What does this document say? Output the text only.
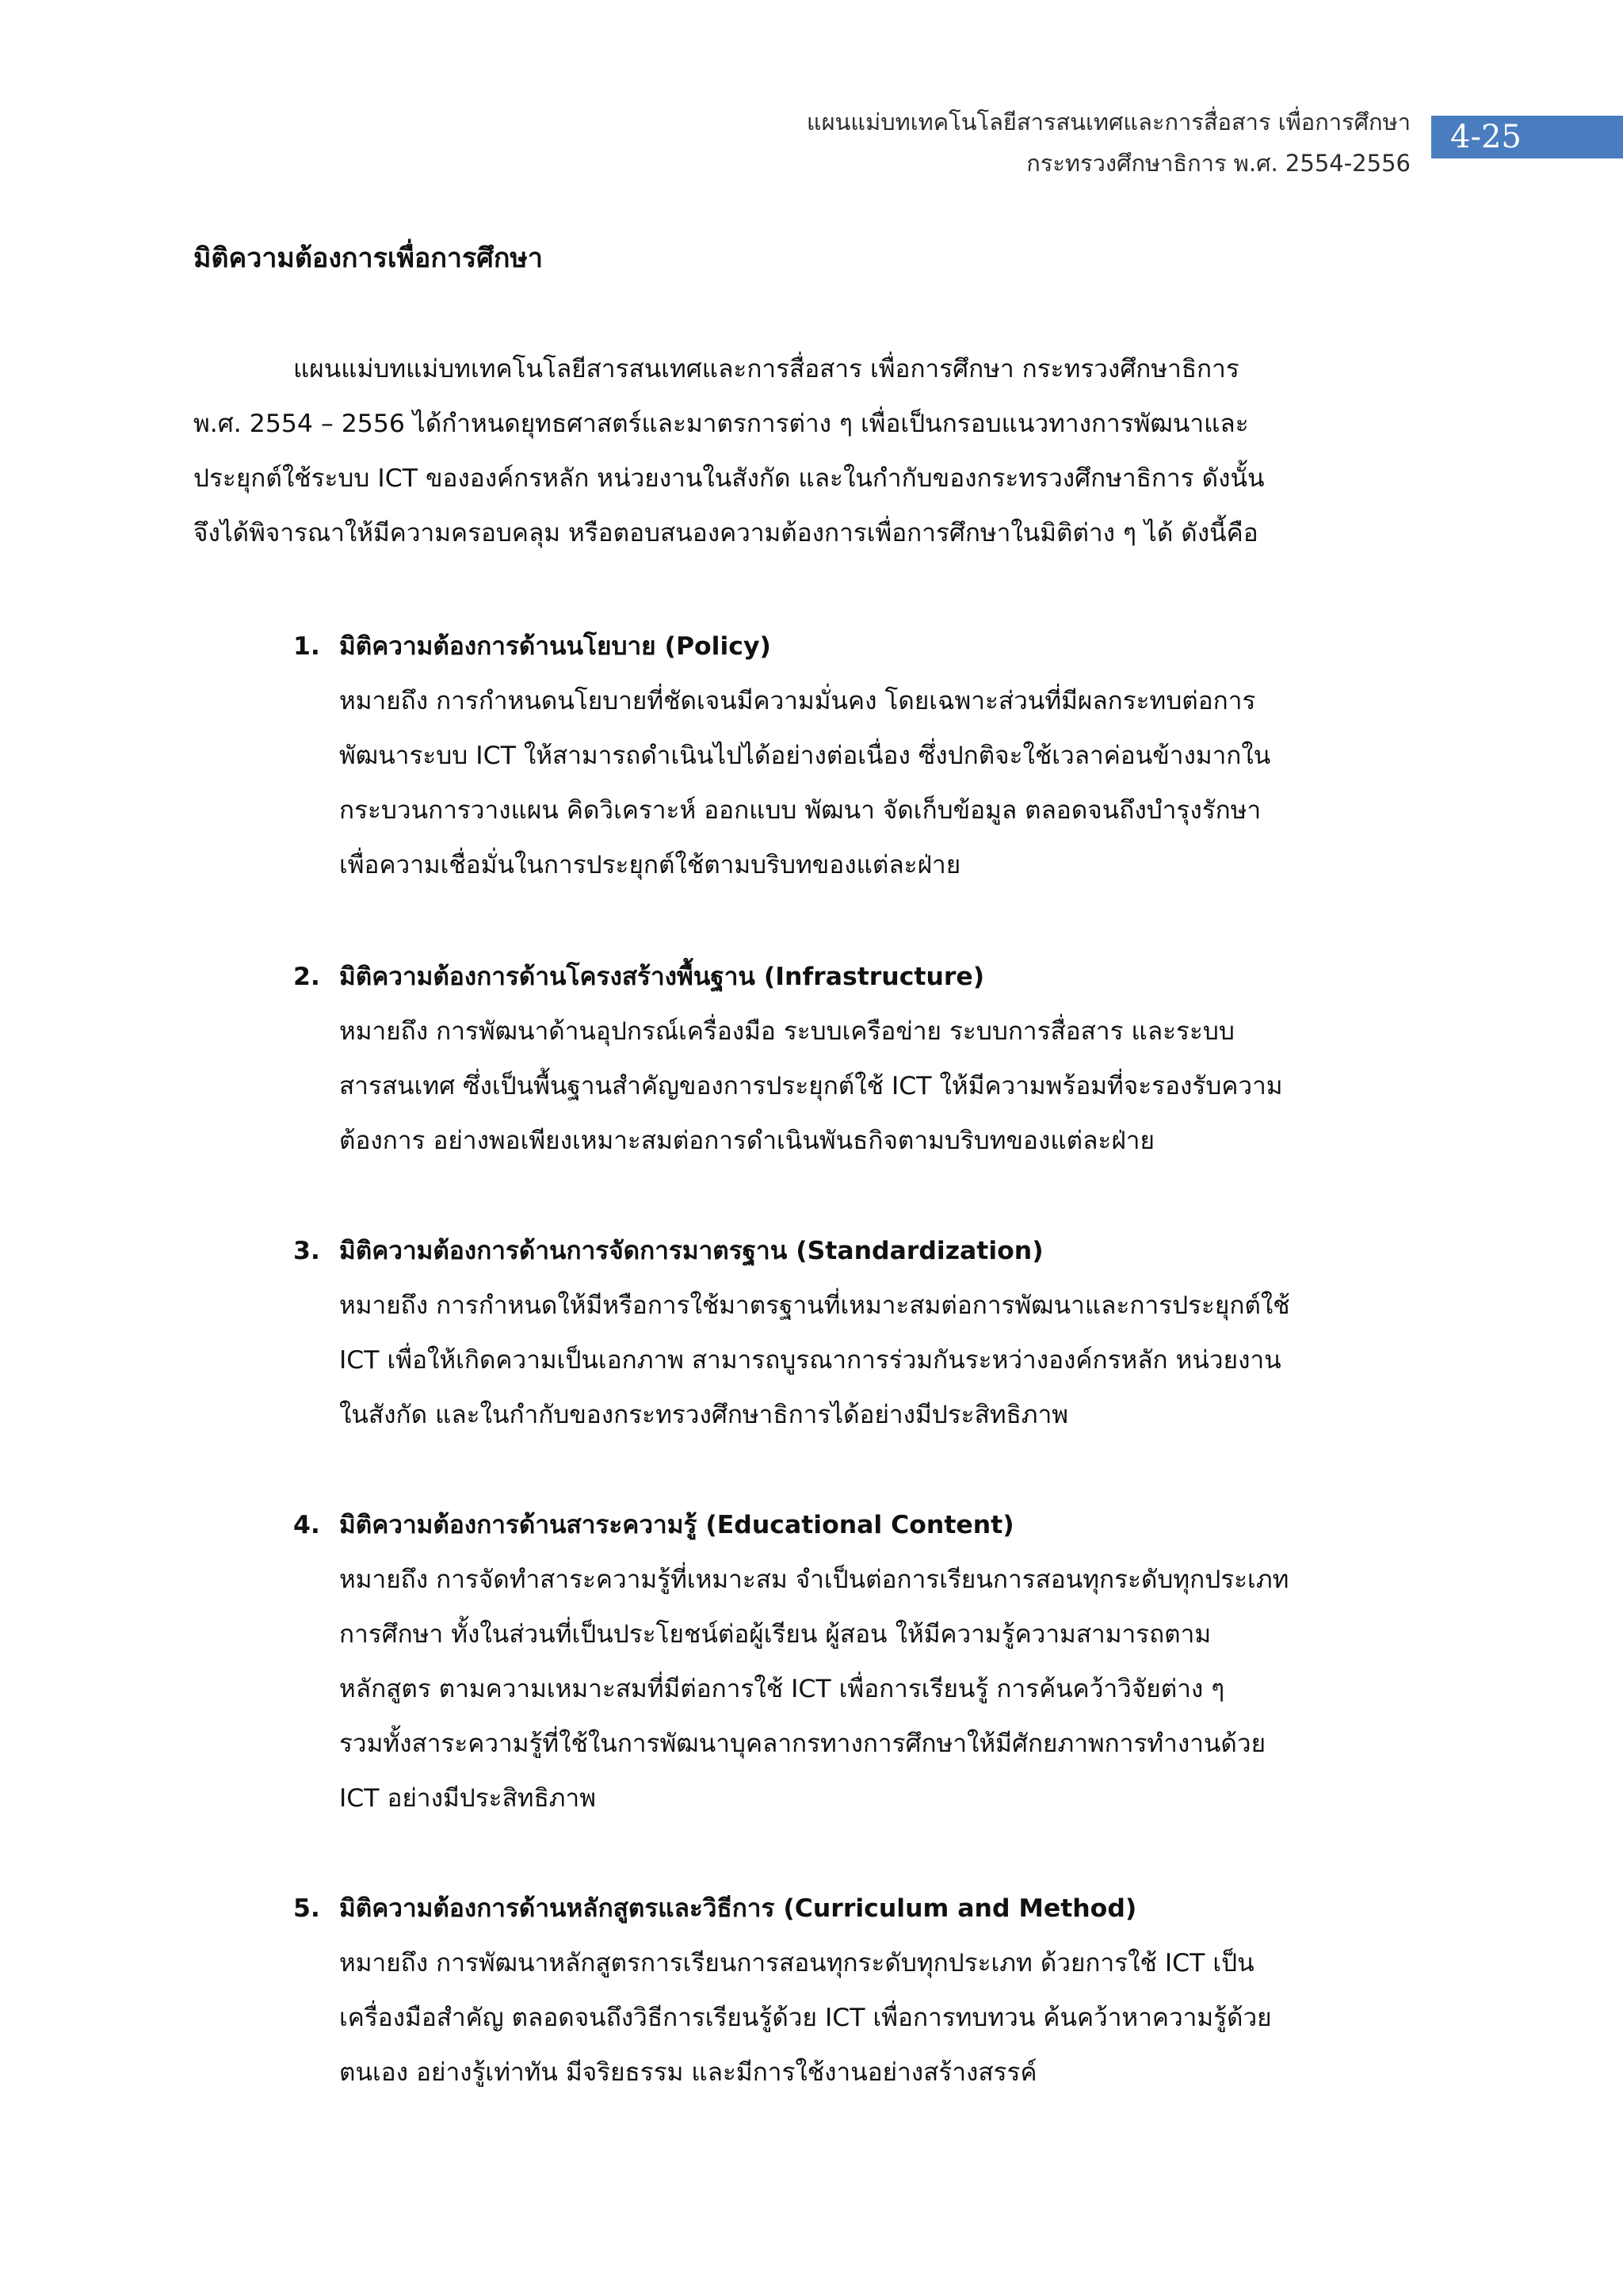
แผนแม่บทเทคโนโลยีสารสนเทศและการสื่อสาร เพื่อการศึกษา
กระทรวงศึกษาธิการ พ.ศ. 2554-2556
4-25
มิติความต้องการเพื่อการศึกษา
แผนแม่บทแม่บทเทคโนโลยีสารสนเทศและการสื่อสาร เพื่อการศึกษา กระทรวงศึกษาธิการ
พ.ศ. 2554 – 2556 ได้กำหนดยุทธศาสตร์และมาตรการต่าง ๆ เพื่อเป็นกรอบแนวทางการพัฒนาและ
ประยุกต์ใช้ระบบ ICT ขององค์กรหลัก หน่วยงานในสังกัด และในกำกับของกระทรวงศึกษาธิการ ดังนั้น
จึงได้พิจารณาให้มีความครอบคลุม หรือตอบสนองความต้องการเพื่อการศึกษาในมิติต่าง ๆ ได้ ดังนี้คือ
1. มิติความต้องการด้านนโยบาย (Policy)
หมายถึง การกำหนดนโยบายที่ชัดเจนมีความมั่นคง โดยเฉพาะส่วนที่มีผลกระทบต่อการ
พัฒนาระบบ ICT ให้สามารถดำเนินไปได้อย่างต่อเนื่อง ซึ่งปกติจะใช้เวลาค่อนข้างมากใน
กระบวนการวางแผน คิดวิเคราะห์ ออกแบบ พัฒนา จัดเก็บข้อมูล ตลอดจนถึงบำรุงรักษา
เพื่อความเชื่อมั่นในการประยุกต์ใช้ตามบริบทของแต่ละฝ่าย
2. มิติความต้องการด้านโครงสร้างพื้นฐาน (Infrastructure)
หมายถึง การพัฒนาด้านอุปกรณ์เครื่องมือ ระบบเครือข่าย ระบบการสื่อสาร และระบบ
สารสนเทศ ซึ่งเป็นพื้นฐานสำคัญของการประยุกต์ใช้ ICT ให้มีความพร้อมที่จะรองรับความ
ต้องการ อย่างพอเพียงเหมาะสมต่อการดำเนินพันธกิจตามบริบทของแต่ละฝ่าย
3. มิติความต้องการด้านการจัดการมาตรฐาน (Standardization)
หมายถึง การกำหนดให้มีหรือการใช้มาตรฐานที่เหมาะสมต่อการพัฒนาและการประยุกต์ใช้
ICT เพื่อให้เกิดความเป็นเอกภาพ สามารถบูรณาการร่วมกันระหว่างองค์กรหลัก หน่วยงาน
ในสังกัด และในกำกับของกระทรวงศึกษาธิการได้อย่างมีประสิทธิภาพ
4. มิติความต้องการด้านสาระความรู้ (Educational Content)
หมายถึง การจัดทำสาระความรู้ที่เหมาะสม จำเป็นต่อการเรียนการสอนทุกระดับทุกประเภท
การศึกษา ทั้งในส่วนที่เป็นประโยชน์ต่อผู้เรียน ผู้สอน ให้มีความรู้ความสามารถตาม
หลักสูตร ตามความเหมาะสมที่มีต่อการใช้ ICT เพื่อการเรียนรู้ การค้นคว้าวิจัยต่าง ๆ
รวมทั้งสาระความรู้ที่ใช้ในการพัฒนาบุคลากรทางการศึกษาให้มีศักยภาพการทำงานด้วย
ICT อย่างมีประสิทธิภาพ
5. มิติความต้องการด้านหลักสูตรและวิธีการ (Curriculum and Method)
หมายถึง การพัฒนาหลักสูตรการเรียนการสอนทุกระดับทุกประเภท ด้วยการใช้ ICT เป็น
เครื่องมือสำคัญ ตลอดจนถึงวิธีการเรียนรู้ด้วย ICT เพื่อการทบทวน ค้นคว้าหาความรู้ด้วย
ตนเอง อย่างรู้เท่าทัน มีจริยธรรม และมีการใช้งานอย่างสร้างสรรค์
